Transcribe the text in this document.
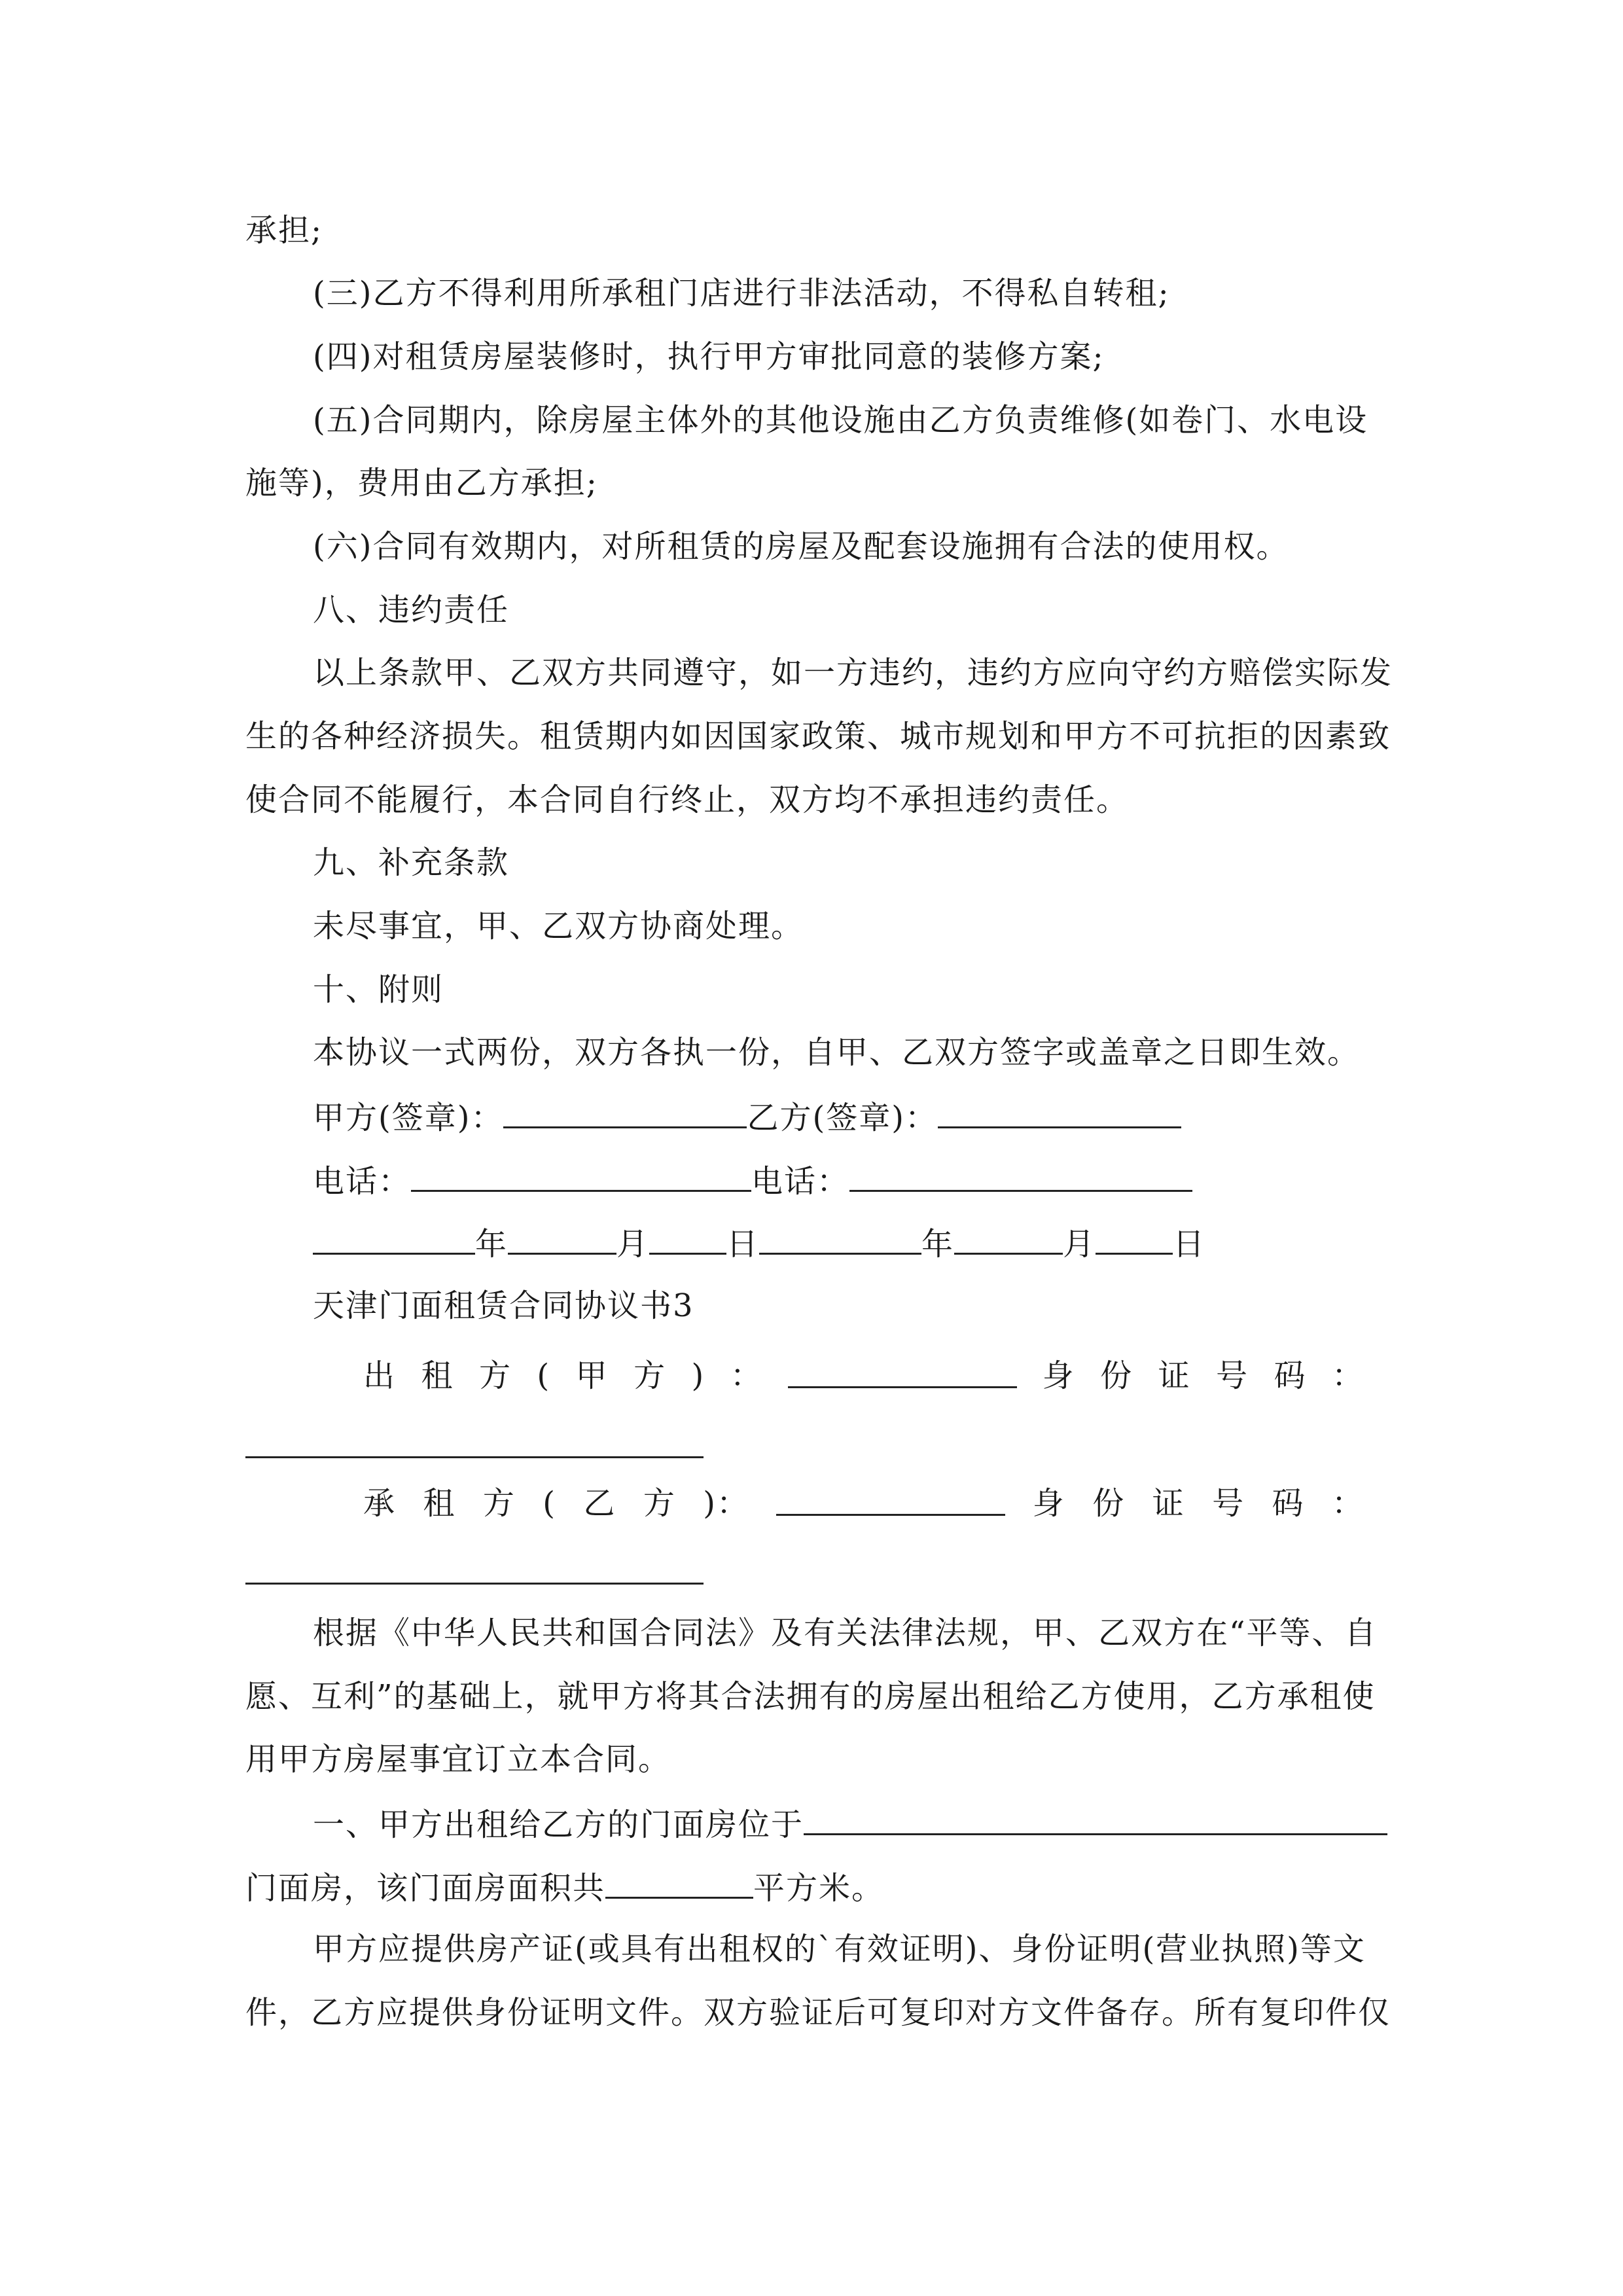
承担;
(三)乙方不得利用所承租门店进行非法活动，不得私自转租;
(四)对租赁房屋装修时，执行甲方审批同意的装修方案;
(五)合同期内，除房屋主体外的其他设施由乙方负责维修(如卷门、水电设
施等)，费用由乙方承担;
(六)合同有效期内，对所租赁的房屋及配套设施拥有合法的使用权。
八、违约责任
以上条款甲、乙双方共同遵守，如一方违约，违约方应向守约方赔偿实际发
生的各种经济损失。租赁期内如因国家政策、城市规划和甲方不可抗拒的因素致
使合同不能履行，本合同自行终止，双方均不承担违约责任。
九、补充条款
未尽事宜，甲、乙双方协商处理。
十、附则
本协议一式两份，双方各执一份，自甲、乙双方签字或盖章之日即生效。
甲方(签章)：	乙方(签章)：
电话：	电话：
年	月 日	年	月 日
天津门面租赁合同协议书3
出 租 方 ( 甲 方 ) ：	身 份 证 号 码 ：
承 租 方 ( 乙 方 )：	身 份 证 号 码 ：
根据《中华人民共和国合同法》及有关法律法规，甲、乙双方在“平等、自
愿、互利”的基础上，就甲方将其合法拥有的房屋出租给乙方使用，乙方承租使
用甲方房屋事宜订立本合同。
一、甲方出租给乙方的门面房位于
门面房，该门面房面积共	平方米。
甲方应提供房产证(或具有出租权的`有效证明)、身份证明(营业执照)等文
件，乙方应提供身份证明文件。双方验证后可复印对方文件备存。所有复印件仅
